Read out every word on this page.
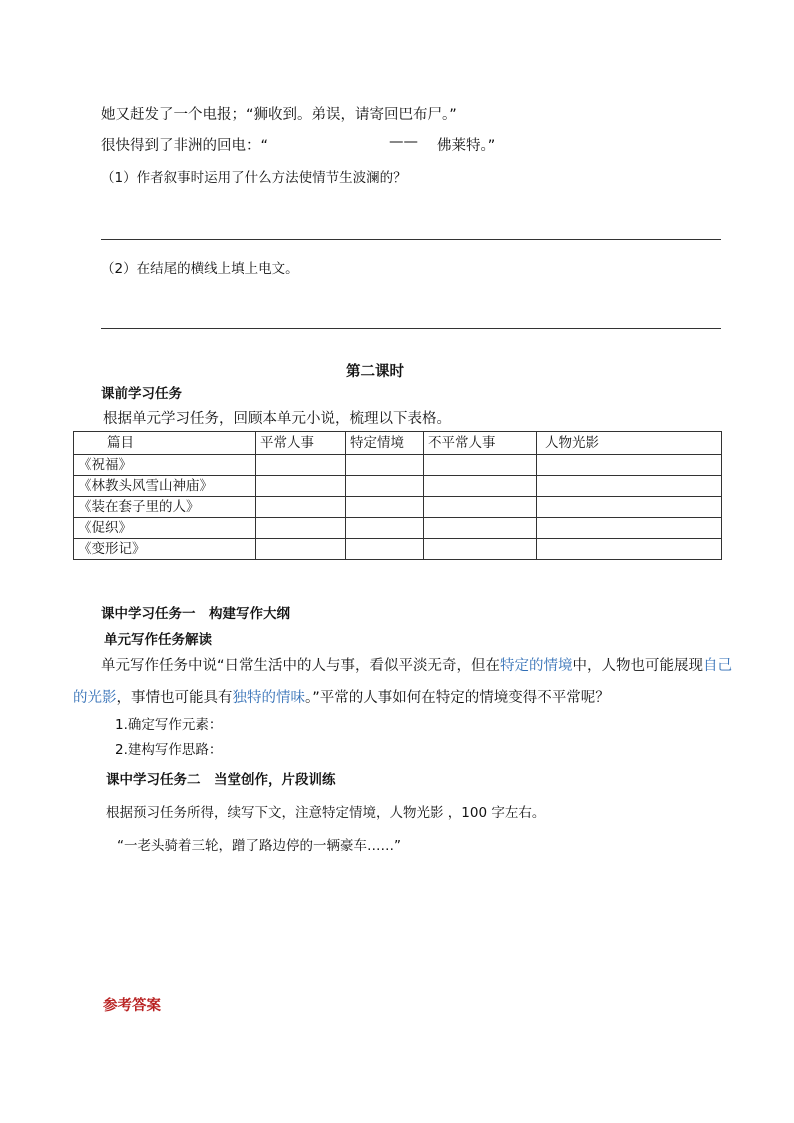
她又赶发了一个电报；“狮收到。弟误，请寄回巴布尸。”
很快得到了非洲的回电：“	—— 佛莱特。”
（1）作者叙事时运用了什么方法使情节生波澜的？
（2）在结尾的横线上填上电文。
第二课时
课前学习任务
根据单元学习任务，回顾本单元小说，梳理以下表格。
篇目	平常人事	特定情境	不平常人事	人物光影
《祝福》				
《林教头风雪山神庙》				
《装在套子里的人》				
《促织》				
《变形记》				
课中学习任务一　构建写作大纲
单元写作任务解读
单元写作任务中说“日常生活中的人与事，看似平淡无奇，但在特定的情境中，人物也可能展现自己
的光影，事情也可能具有独特的情味。”平常的人事如何在特定的情境变得不平常呢？
1.确定写作元素：
2.建构写作思路：
课中学习任务二　当堂创作，片段训练
根据预习任务所得，续写下文，注意特定情境，人物光影 ，100 字左右。
“一老头骑着三轮，蹭了路边停的一辆豪车……”
参考答案
